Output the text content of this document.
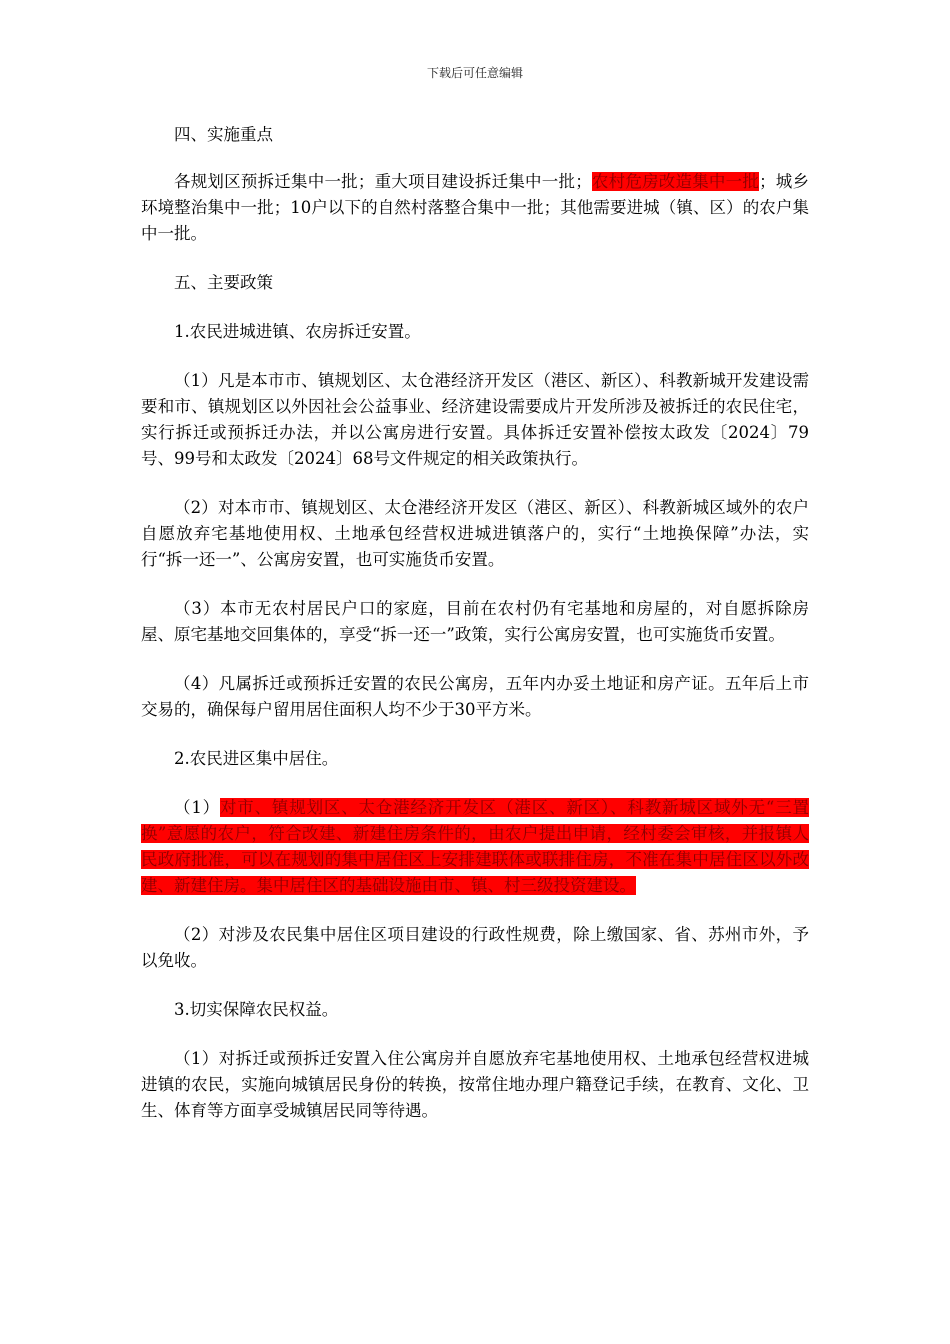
下载后可任意编辑

四、实施重点

各规划区预拆迁集中一批；重大项目建设拆迁集中一批；农村危房改造集中一批；城乡环境整治集中一批；10户以下的自然村落整合集中一批；其他需要进城（镇、区）的农户集中一批。

五、主要政策

1.农民进城进镇、农房拆迁安置。

（1）凡是本市市、镇规划区、太仓港经济开发区（港区、新区）、科教新城开发建设需要和市、镇规划区以外因社会公益事业、经济建设需要成片开发所涉及被拆迁的农民住宅，实行拆迁或预拆迁办法，并以公寓房进行安置。具体拆迁安置补偿按太政发〔2024〕79号、99号和太政发〔2024〕68号文件规定的相关政策执行。

（2）对本市市、镇规划区、太仓港经济开发区（港区、新区）、科教新城区域外的农户自愿放弃宅基地使用权、土地承包经营权进城进镇落户的，实行“土地换保障”办法，实行“拆一还一”、公寓房安置，也可实施货币安置。

（3）本市无农村居民户口的家庭，目前在农村仍有宅基地和房屋的，对自愿拆除房屋、原宅基地交回集体的，享受“拆一还一”政策，实行公寓房安置，也可实施货币安置。

（4）凡属拆迁或预拆迁安置的农民公寓房，五年内办妥土地证和房产证。五年后上市交易的，确保每户留用居住面积人均不少于30平方米。

2.农民进区集中居住。

（1）对市、镇规划区、太仓港经济开发区（港区、新区）、科教新城区域外无“三置换”意愿的农户，符合改建、新建住房条件的，由农户提出申请，经村委会审核，并报镇人民政府批准，可以在规划的集中居住区上安排建联体或联排住房，不准在集中居住区以外改建、新建住房。集中居住区的基础设施由市、镇、村三级投资建设。

（2）对涉及农民集中居住区项目建设的行政性规费，除上缴国家、省、苏州市外，予以免收。

3.切实保障农民权益。

（1）对拆迁或预拆迁安置入住公寓房并自愿放弃宅基地使用权、土地承包经营权进城进镇的农民，实施向城镇居民身份的转换，按常住地办理户籍登记手续，在教育、文化、卫生、体育等方面享受城镇居民同等待遇。
